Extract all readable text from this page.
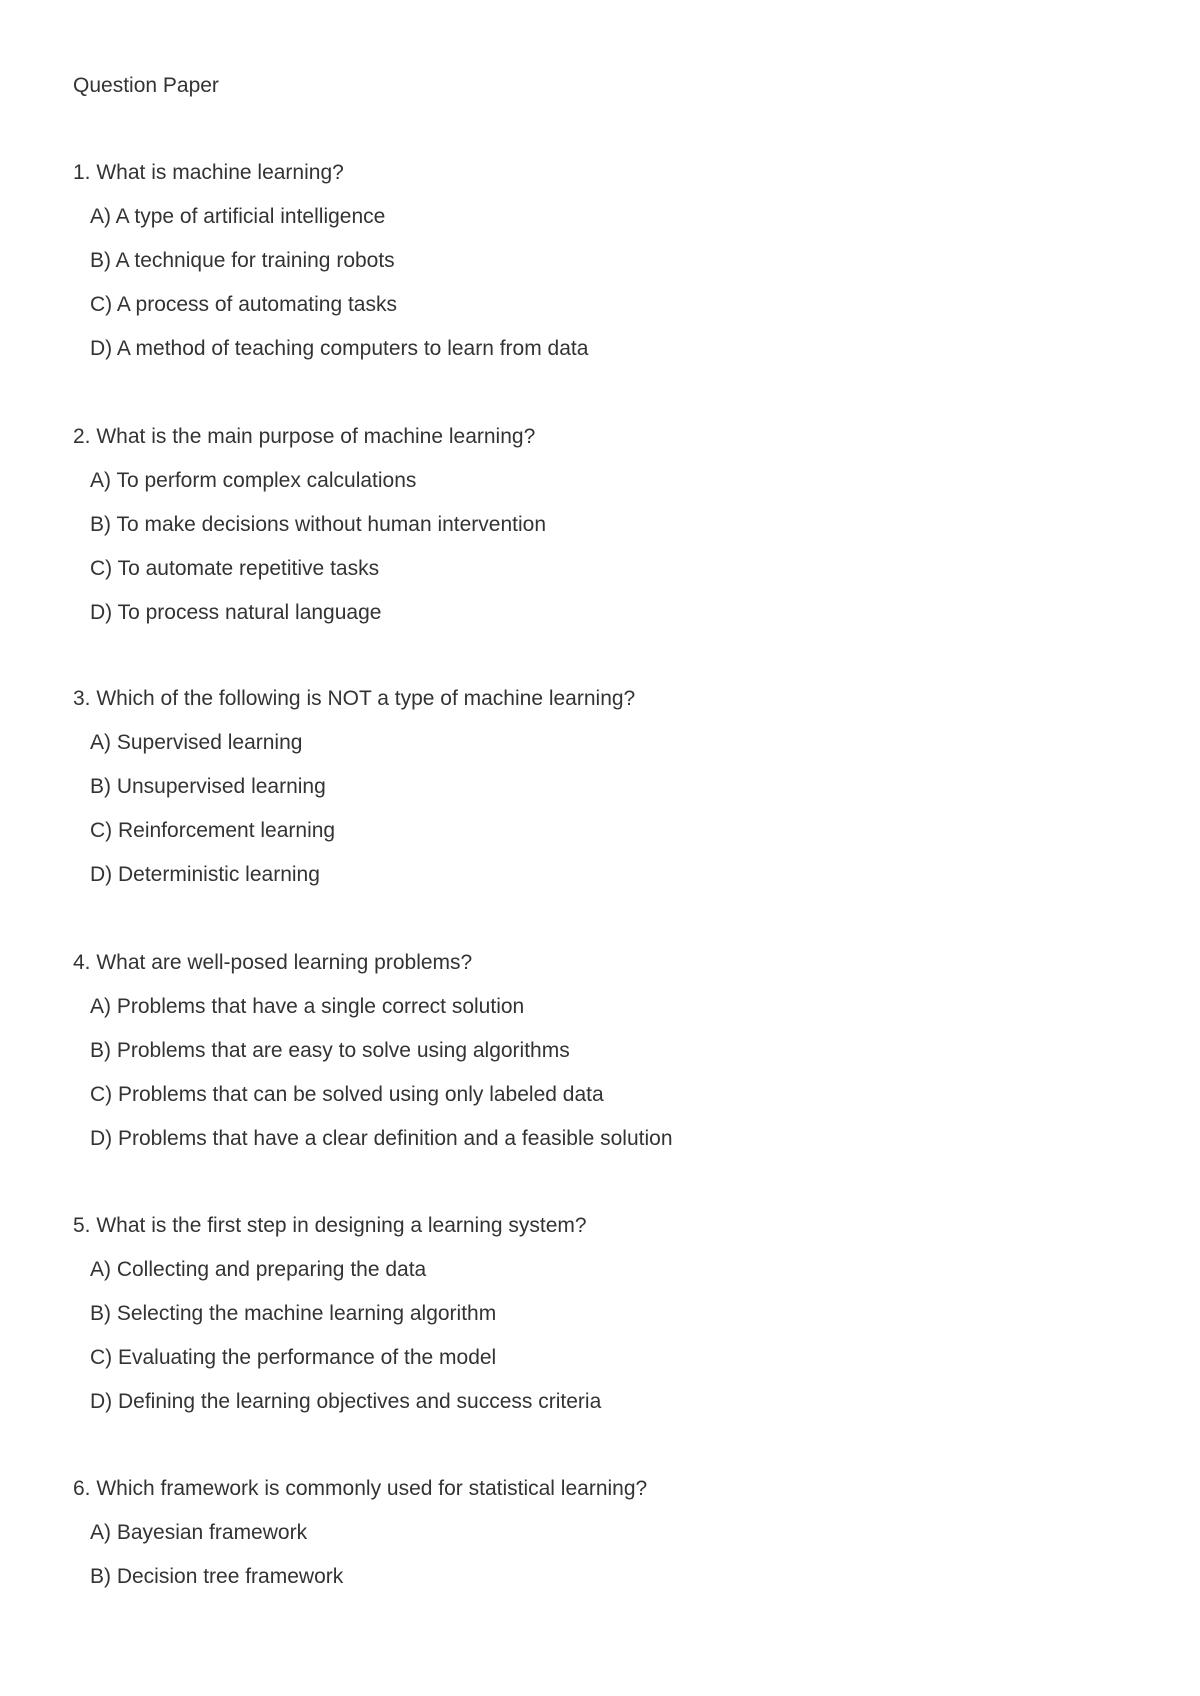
Question Paper

1. What is machine learning?

A) A type of artificial intelligence

B) A technique for training robots

C) A process of automating tasks

D) A method of teaching computers to learn from data

2. What is the main purpose of machine learning?

A) To perform complex calculations

B) To make decisions without human intervention

C) To automate repetitive tasks

D) To process natural language

3. Which of the following is NOT a type of machine learning?

A) Supervised learning

B) Unsupervised learning

C) Reinforcement learning

D) Deterministic learning

4. What are well-posed learning problems?

A) Problems that have a single correct solution

B) Problems that are easy to solve using algorithms

C) Problems that can be solved using only labeled data

D) Problems that have a clear definition and a feasible solution

5. What is the first step in designing a learning system?

A) Collecting and preparing the data

B) Selecting the machine learning algorithm

C) Evaluating the performance of the model

D) Defining the learning objectives and success criteria

6. Which framework is commonly used for statistical learning?

A) Bayesian framework

B) Decision tree framework
